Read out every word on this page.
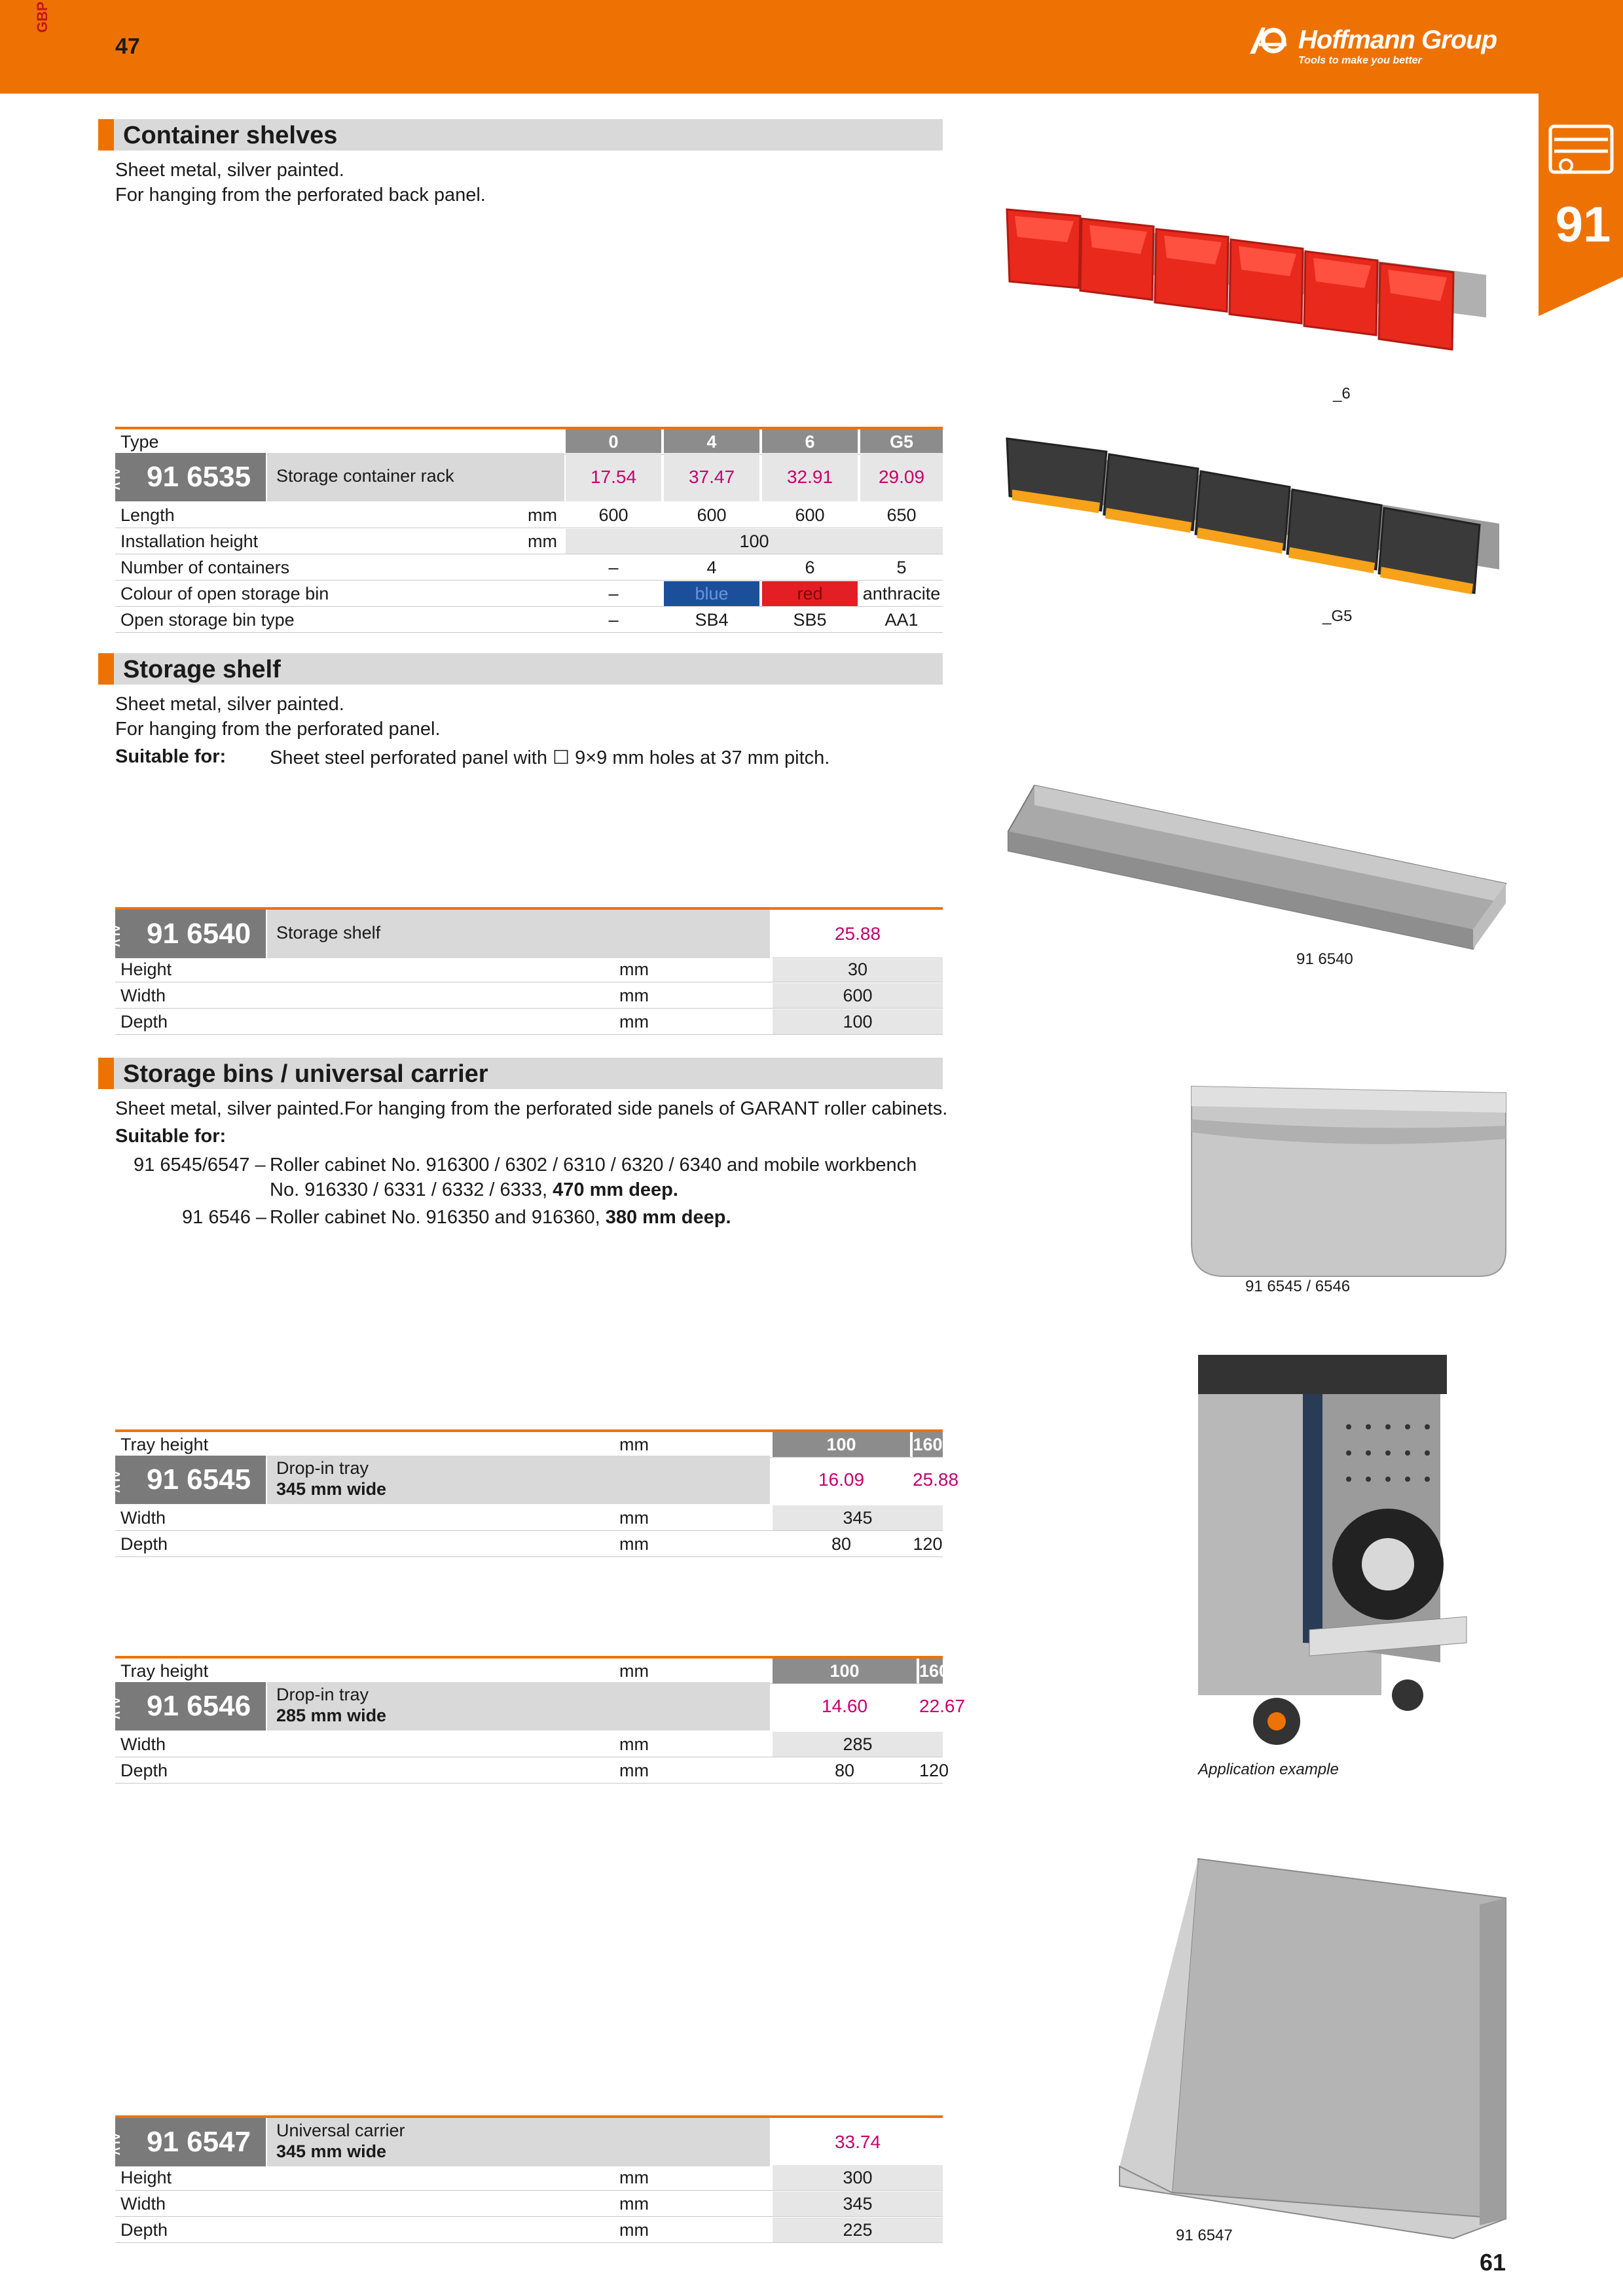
GBP
47	Hoffmann Group
Tools to make you better
91
Container shelves
Sheet metal, silver painted.
For hanging from the perforated back panel.
_6
_G5
Type	0	4	6	G5
ALV 91 6535 Storage container rack	17.54	37.47	32.91	29.09
Length	mm	600	600	600	650
Installation height	mm	100
Number of containers	–	4	6	5
Colour of open storage bin	–	blue	red	anthracite
Open storage bin type	–	SB4	SB5	AA1
Storage shelf
Sheet metal, silver painted.
For hanging from the perforated panel.
Suitable for: Sheet steel perforated panel with ☐ 9×9 mm holes at 37 mm pitch.
91 6540
ALV 91 6540 Storage shelf	25.88
Height	mm	30
Width	mm	600
Depth	mm	100
Storage bins / universal carrier
Sheet metal, silver painted.For hanging from the perforated side panels of GARANT roller cabinets.
Suitable for:
91 6545/6547 – Roller cabinet No. 916300 / 6302 / 6310 / 6320 / 6340 and mobile workbench
No. 916330 / 6331 / 6332 / 6333, 470 mm deep.
91 6546 – Roller cabinet No. 916350 and 916360, 380 mm deep.
91 6545 / 6546
Application example
91 6547
Tray height	mm	100	160
ALV 91 6545 Drop-in tray
345 mm wide	16.09	25.88
Width	mm	345
Depth	mm	80	120
Tray height	mm	100	160
ALV 91 6546 Drop-in tray
285 mm wide	14.60	22.67
Width	mm	285
Depth	mm	80	120
ALV 91 6547 Universal carrier
345 mm wide	33.74
Height	mm	300
Width	mm	345
Depth	mm	225
61
